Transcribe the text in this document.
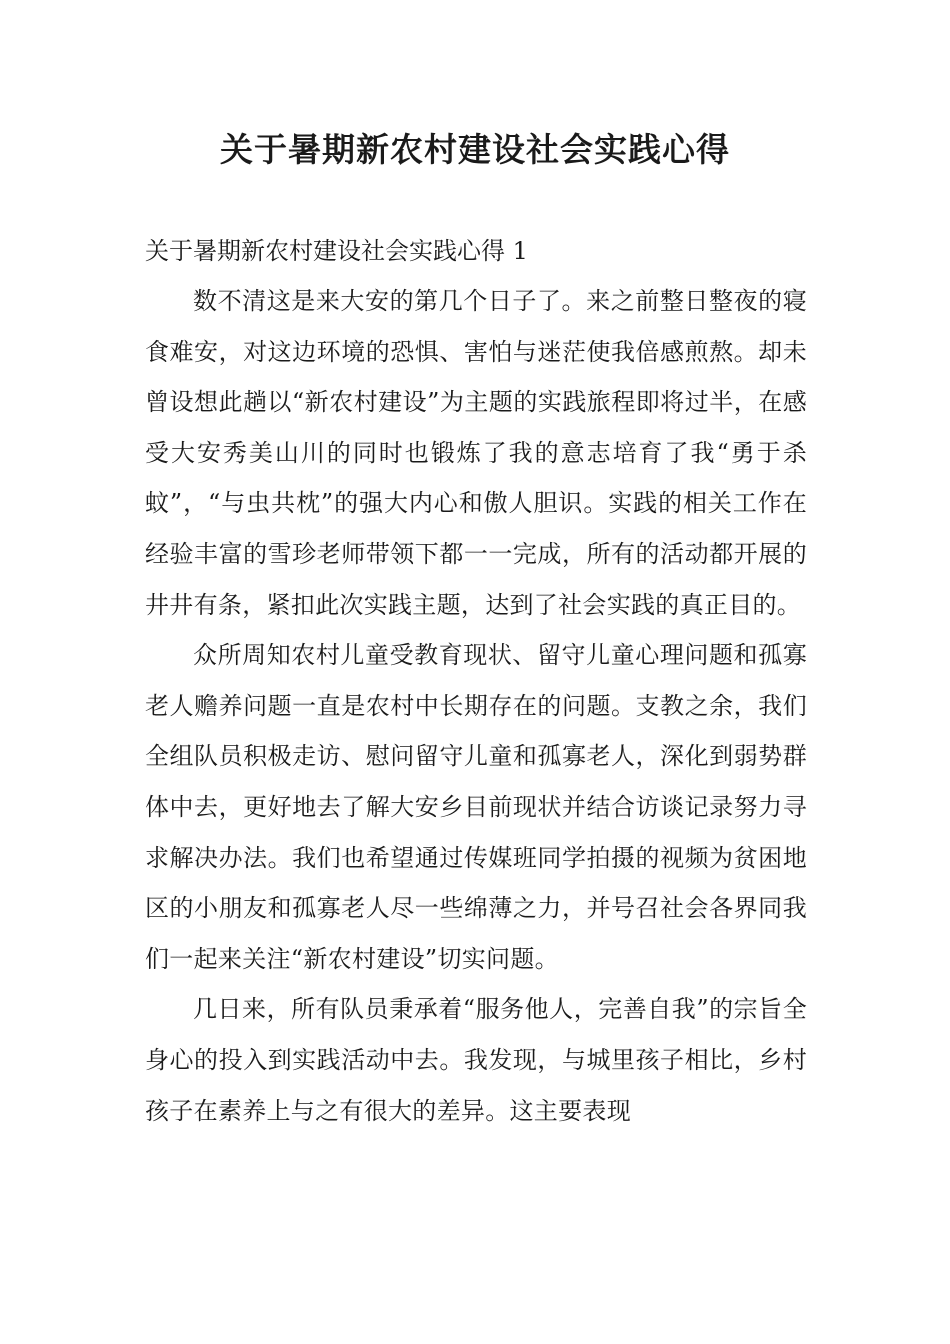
关于暑期新农村建设社会实践心得

关于暑期新农村建设社会实践心得 1

数不清这是来大安的第几个日子了。来之前整日整夜的寝食难安，对这边环境的恐惧、害怕与迷茫使我倍感煎熬。却未曾设想此趟以“新农村建设”为主题的实践旅程即将过半，在感受大安秀美山川的同时也锻炼了我的意志培育了我“勇于杀蚊”，“与虫共枕”的强大内心和傲人胆识。实践的相关工作在经验丰富的雪珍老师带领下都一一完成，所有的活动都开展的井井有条，紧扣此次实践主题，达到了社会实践的真正目的。

众所周知农村儿童受教育现状、留守儿童心理问题和孤寡老人赡养问题一直是农村中长期存在的问题。支教之余，我们全组队员积极走访、慰问留守儿童和孤寡老人，深化到弱势群体中去，更好地去了解大安乡目前现状并结合访谈记录努力寻求解决办法。我们也希望通过传媒班同学拍摄的视频为贫困地区的小朋友和孤寡老人尽一些绵薄之力，并号召社会各界同我们一起来关注“新农村建设”切实问题。

几日来，所有队员秉承着“服务他人，完善自我”的宗旨全身心的投入到实践活动中去。我发现，与城里孩子相比，乡村孩子在素养上与之有很大的差异。这主要表现
